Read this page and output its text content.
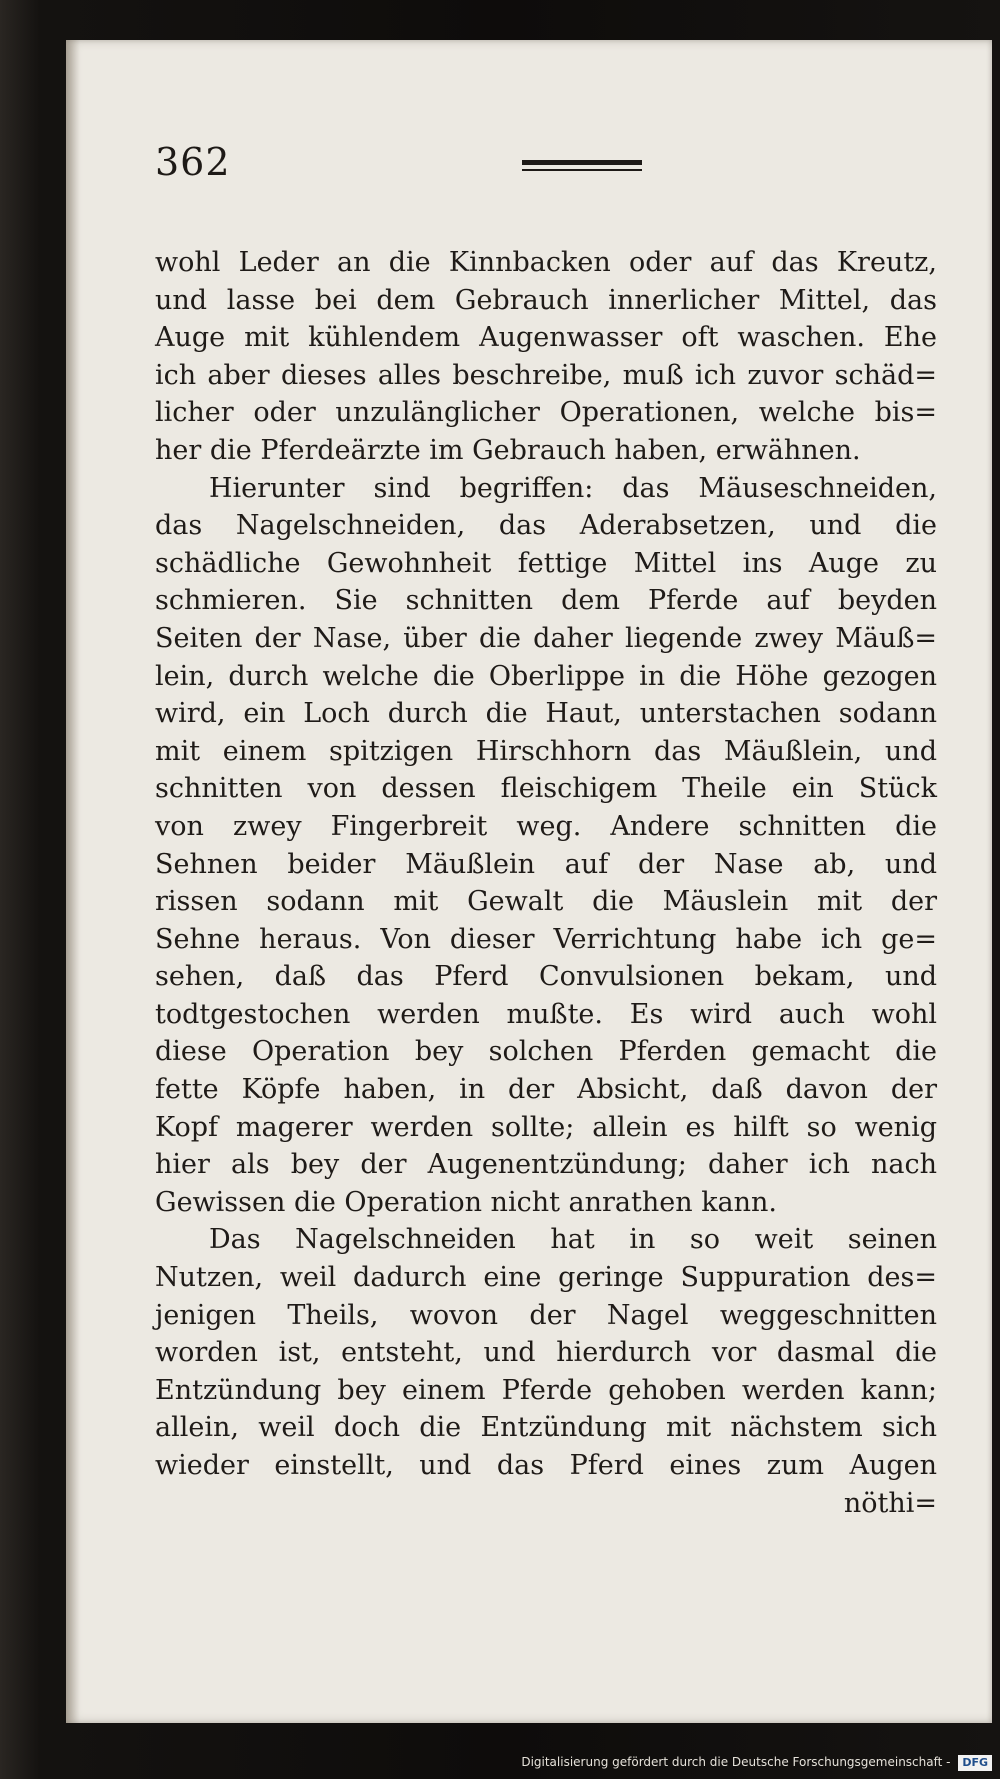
362
wohl Leder an die Kinnbacken oder auf das Kreutz,
und lasse bei dem Gebrauch innerlicher Mittel, das
Auge mit kühlendem Augenwasser oft waschen. Ehe
ich aber dieses alles beschreibe, muß ich zuvor schäd=
licher oder unzulänglicher Operationen, welche bis=
her die Pferdeärzte im Gebrauch haben, erwähnen.
Hierunter sind begriffen: das Mäuseschneiden,
das Nagelschneiden, das Aderabsetzen, und die
schädliche Gewohnheit fettige Mittel ins Auge zu
schmieren. Sie schnitten dem Pferde auf beyden
Seiten der Nase, über die daher liegende zwey Mäuß=
lein, durch welche die Oberlippe in die Höhe gezogen
wird, ein Loch durch die Haut, unterstachen sodann
mit einem spitzigen Hirschhorn das Mäußlein, und
schnitten von dessen fleischigem Theile ein Stück
von zwey Fingerbreit weg. Andere schnitten die
Sehnen beider Mäußlein auf der Nase ab, und
rissen sodann mit Gewalt die Mäuslein mit der
Sehne heraus. Von dieser Verrichtung habe ich ge=
sehen, daß das Pferd Convulsionen bekam, und
todtgestochen werden mußte. Es wird auch wohl
diese Operation bey solchen Pferden gemacht die
fette Köpfe haben, in der Absicht, daß davon der
Kopf magerer werden sollte; allein es hilft so wenig
hier als bey der Augenentzündung; daher ich nach
Gewissen die Operation nicht anrathen kann.
Das Nagelschneiden hat in so weit seinen
Nutzen, weil dadurch eine geringe Suppuration des=
jenigen Theils, wovon der Nagel weggeschnitten
worden ist, entsteht, und hierdurch vor dasmal die
Entzündung bey einem Pferde gehoben werden kann;
allein, weil doch die Entzündung mit nächstem sich
wieder einstellt, und das Pferd eines zum Augen
nöthi=
Digitalisierung gefördert durch die Deutsche Forschungsgemeinschaft - DFG
